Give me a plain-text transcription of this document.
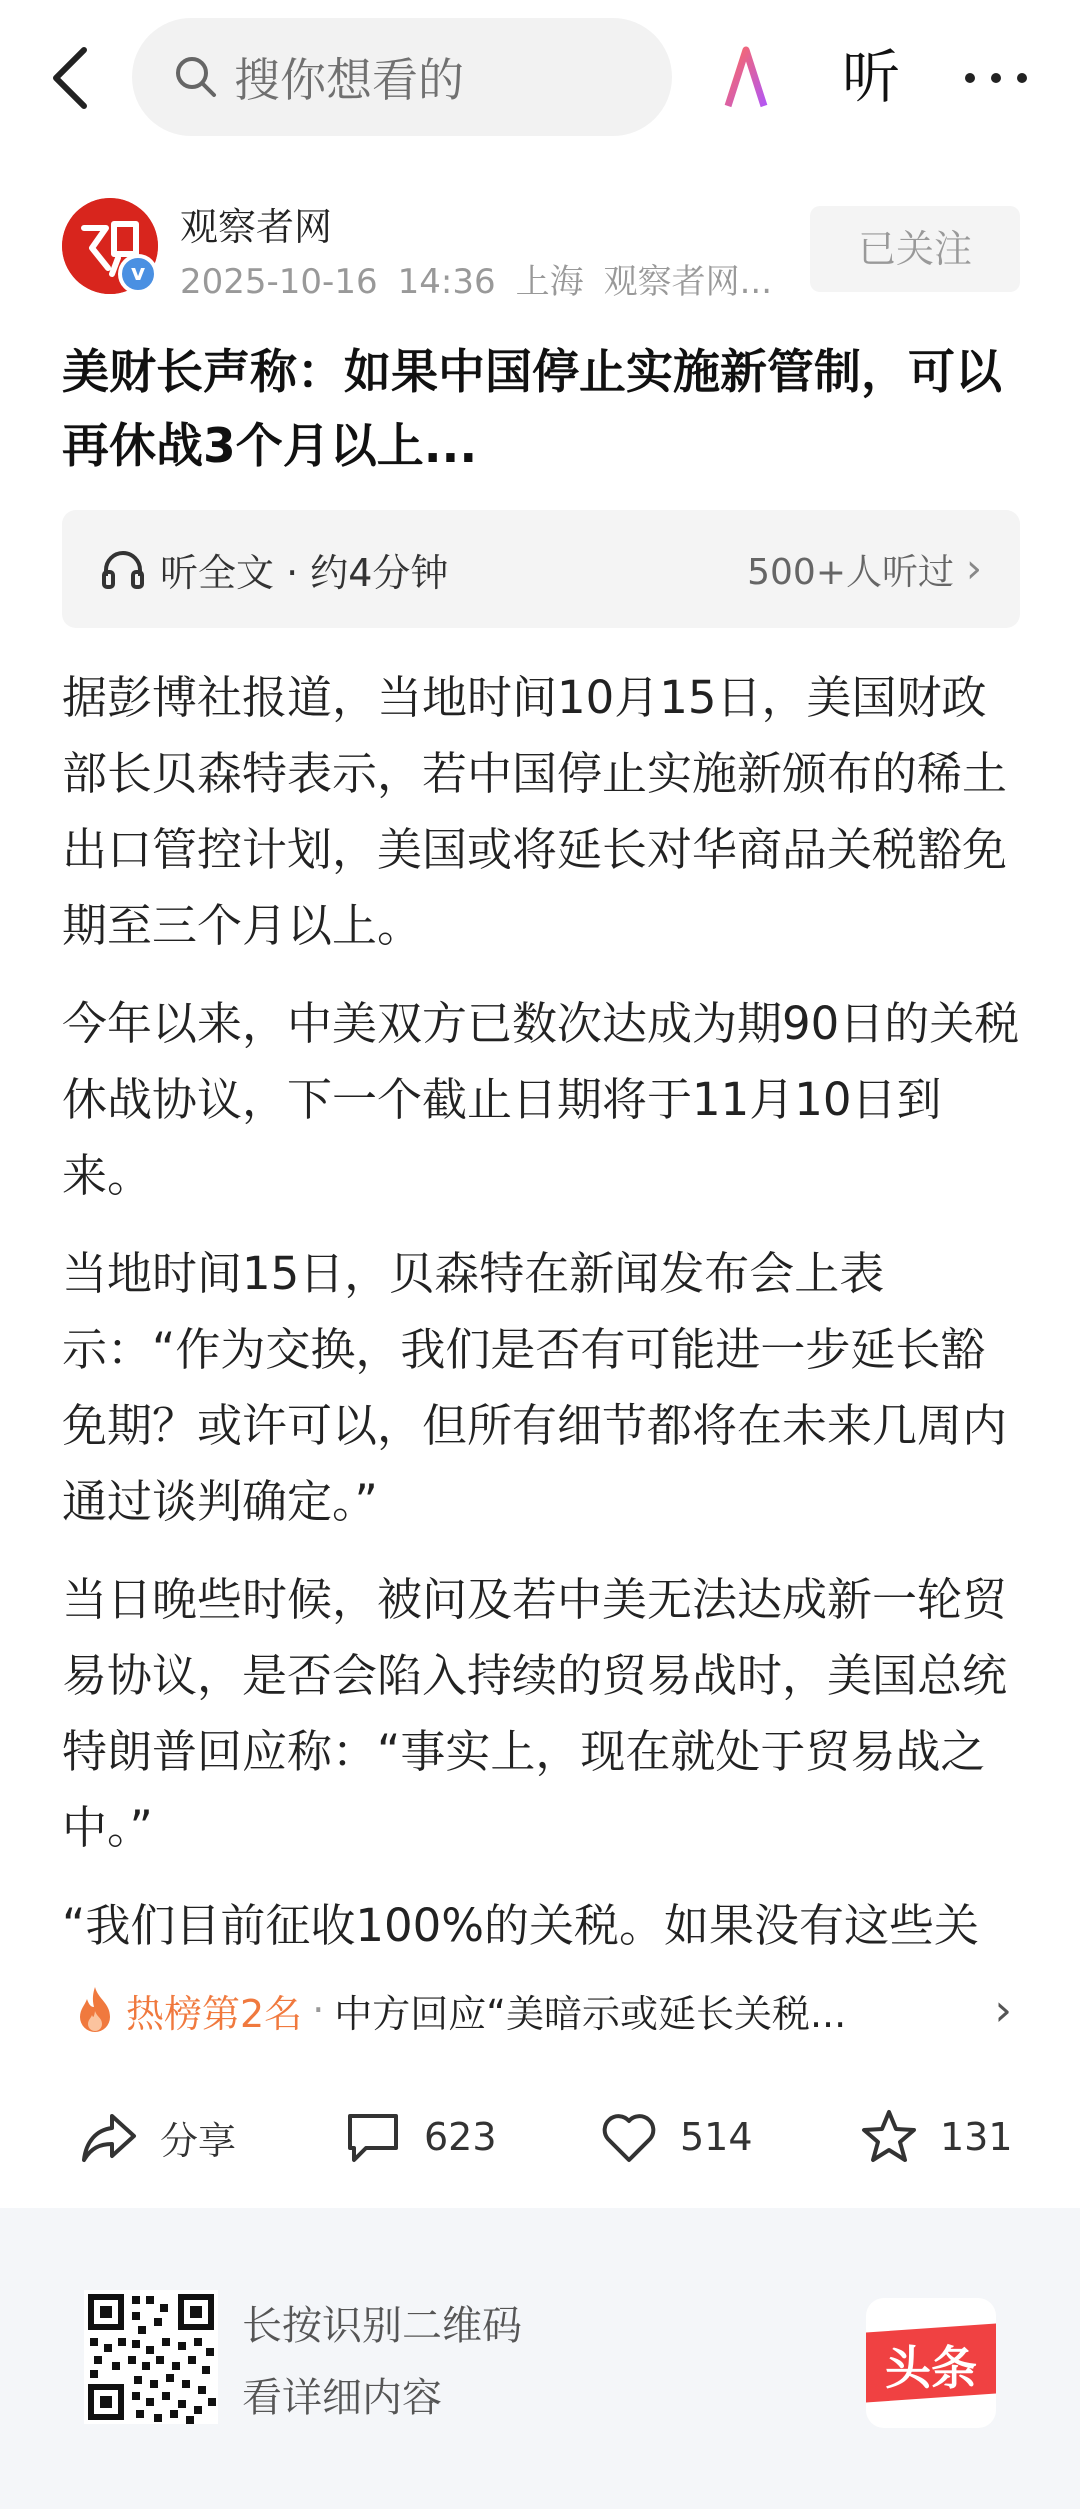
搜你想看的	听
v
观察者网
2025-10-16 14:36 上海 观察者网...
已关注
美财长声称：如果中国停止实施新管制，可以再休战3个月以上...
听全文 · 约4分钟	500+人听过 ›

据彭博社报道，当地时间10月15日，美国财政部长贝森特表示，若中国停止实施新颁布的稀土出口管控计划，美国或将延长对华商品关税豁免期至三个月以上。

今年以来，中美双方已数次达成为期90日的关税休战协议，下一个截止日期将于11月10日到来。

当地时间15日，贝森特在新闻发布会上表示：“作为交换，我们是否有可能进一步延长豁免期？或许可以，但所有细节都将在未来几周内通过谈判确定。”

当日晚些时候，被问及若中美无法达成新一轮贸易协议，是否会陷入持续的贸易战时，美国总统特朗普回应称：“事实上，现在就处于贸易战之中。”

“我们目前征收100%的关税。如果没有这些关

热榜第2名 · 中方回应“美暗示或延长关税...	›
分享	623	514	131
长按识别二维码
看详细内容
头条
